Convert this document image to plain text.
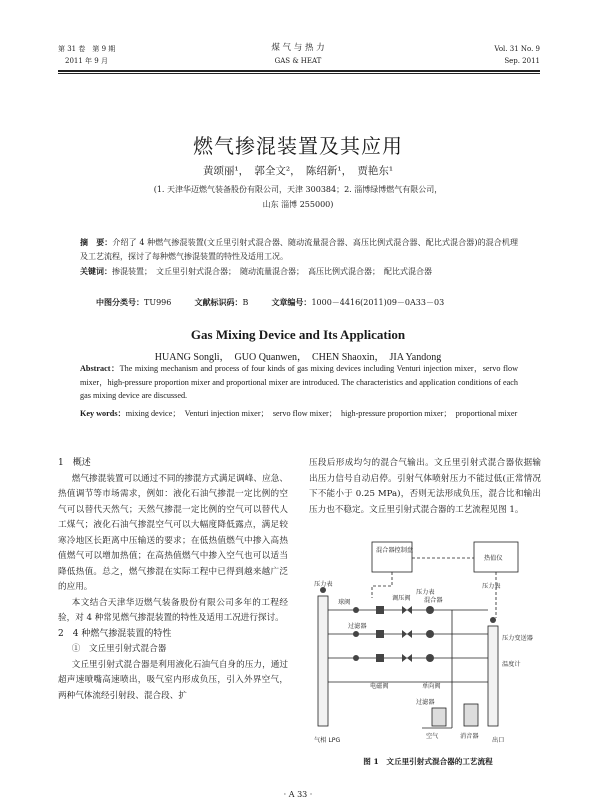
第 31 卷　第 9 期
2011 年 9 月
煤 气 与 热 力
GAS & HEAT
Vol. 31 No. 9
Sep. 2011
燃气掺混装置及其应用
黄颂丽¹，　郭全文²，　陈绍新¹，　贾艳东¹
(1. 天津华迈燃气装备股份有限公司，天津 300384；2. 淄博绿博燃气有限公司，
山东 淄博 255000)
摘　要：介绍了 4 种燃气掺混装置(文丘里引射式混合器、随动流量混合器、高压比例式混合器、配比式混合器)的混合机理及工艺流程，探讨了每种燃气掺混装置的特性及适用工况。
关键词：掺混装置；　文丘里引射式混合器；　随动流量混合器；　高压比例式混合器；　配比式混合器
中图分类号：TU996	文献标识码：B	文章编号：1000－4416(2011)09－0A33－03
Gas Mixing Device and Its Application
HUANG Songli，　GUO Quanwen，　CHEN Shaoxin，　JIA Yandong
Abstract：The mixing mechanism and process of four kinds of gas mixing devices including Venturi injection mixer，servo flow mixer，high-pressure proportion mixer and proportional mixer are introduced. The characteristics and application conditions of each gas mixing device are discussed.
Key words：mixing device；　Venturi injection mixer；　servo flow mixer；　high-pressure proportion mixer；　proportional mixer

1　概述

燃气掺混装置可以通过不同的掺混方式满足调峰、应急、热值调节等市场需求，例如：液化石油气掺混一定比例的空气可以替代天然气；天然气掺混一定比例的空气可以替代人工煤气；液化石油气掺混空气可以大幅度降低露点，满足较寒冷地区长距离中压输送的要求；在低热值燃气中掺入高热值燃气可以增加热值；在高热值燃气中掺入空气也可以适当降低热值。总之，燃气掺混在实际工程中已得到越来越广泛的应用。

本文结合天津华迈燃气装备股份有限公司多年的工程经验，对 4 种常见燃气掺混装置的特性及适用工况进行探讨。

2　4 种燃气掺混装置的特性

①　文丘里引射式混合器

文丘里引射式混合器是利用液化石油气自身的压力，通过超声速喷嘴高速喷出，吸气室内形成负压，引入外界空气，两种气体流经引射段、混合段、扩

压段后形成均匀的混合气输出。文丘里引射式混合器依据输出压力信号自动启停。引射气体喷射压力不能过低(正常情况下不能小于 0.25 MPa)，否则无法形成负压，混合比和输出压力也不稳定。文丘里引射式混合器的工艺流程见图 1。

混合器控制盘
热值仪
压力表
球阀
过滤器
调压阀
压力表
混合器
压力表
压力变送器
温度计
电磁阀	单向阀
过滤器
空气	消音器
气相 LPG	出口
图 1　文丘里引射式混合器的工艺流程
· A 33 ·
